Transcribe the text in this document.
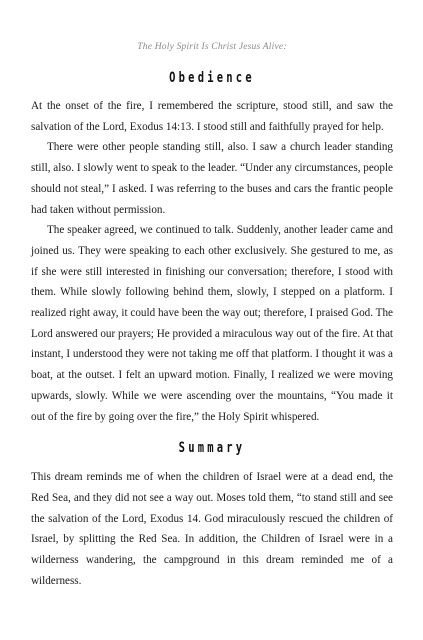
The Holy Spirit Is Christ Jesus Alive:
Obedience

At the onset of the fire, I remembered the scripture, stood still, and saw the salvation of the Lord, Exodus 14:13. I stood still and faithfully prayed for help.

There were other people standing still, also. I saw a church leader standing still, also. I slowly went to speak to the leader. “Under any circumstances, people should not steal,” I asked. I was referring to the buses and cars the frantic people had taken without permission.

The speaker agreed, we continued to talk. Suddenly, another leader came and joined us. They were speaking to each other exclusively. She gestured to me, as if she were still interested in finishing our conversation; therefore, I stood with them. While slowly following behind them, slowly, I stepped on a platform. I realized right away, it could have been the way out; therefore, I praised God. The Lord answered our prayers; He provided a miraculous way out of the fire. At that instant, I understood they were not taking me off that platform. I thought it was a boat, at the outset. I felt an upward motion. Finally, I realized we were moving upwards, slowly. While we were ascending over the mountains, “You made it out of the fire by going over the fire,” the Holy Spirit whispered.

Summary

This dream reminds me of when the children of Israel were at a dead end, the Red Sea, and they did not see a way out. Moses told them, “to stand still and see the salvation of the Lord, Exodus 14. God miraculously rescued the children of Israel, by splitting the Red Sea. In addition, the Children of Israel were in a wilderness wandering, the campground in this dream reminded me of a wilderness.
